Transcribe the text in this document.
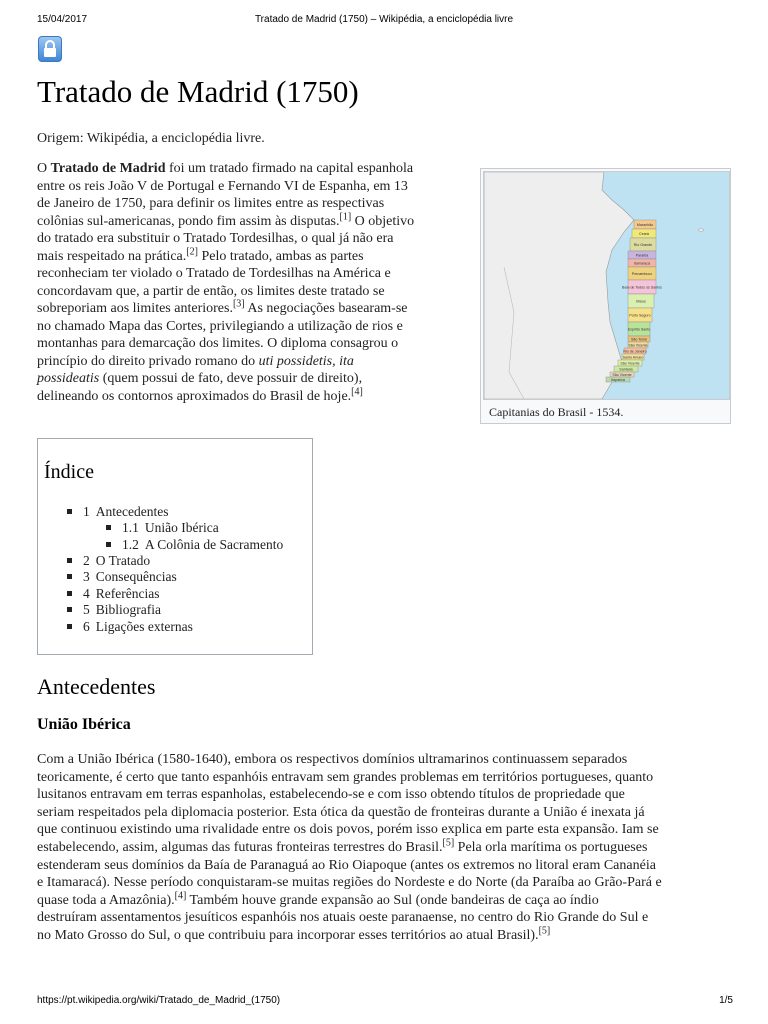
15/04/2017	Tratado de Madrid (1750) – Wikipédia, a enciclopédia livre
Tratado de Madrid (1750)
Origem: Wikipédia, a enciclopédia livre.
O Tratado de Madrid foi um tratado firmado na capital espanhola
entre os reis João V de Portugal e Fernando VI de Espanha, em 13
de Janeiro de 1750, para definir os limites entre as respectivas
colônias sul-americanas, pondo fim assim às disputas.[1] O objetivo
do tratado era substituir o Tratado Tordesilhas, o qual já não era
mais respeitado na prática.[2] Pelo tratado, ambas as partes
reconheciam ter violado o Tratado de Tordesilhas na América e
concordavam que, a partir de então, os limites deste tratado se
sobreporiam aos limites anteriores.[3] As negociações basearam-se
no chamado Mapa das Cortes, privilegiando a utilização de rios e
montanhas para demarcação dos limites. O diploma consagrou o
princípio do direito privado romano do uti possidetis, ita
possideatis (quem possui de fato, deve possuir de direito),
delineando os contornos aproximados do Brasil de hoje.[4]
Maranhão
Ceará
Rio Grande
Paraíba
Itamaracá
Pernambuco
Baía de Todos os Santos
Ilhéus
Porto Seguro
Espírito Santo
São Tomé
São Vicente
Rio de Janeiro
Santo Amaro
São Vicente
Santana
São Vicente
Itaparica
Capitanias do Brasil - 1534.
Índice
1 Antecedentes
1.1 União Ibérica
1.2 A Colônia de Sacramento
2 O Tratado
3 Consequências
4 Referências
5 Bibliografia
6 Ligações externas
Antecedentes
União Ibérica
Com a União Ibérica (1580-1640), embora os respectivos domínios ultramarinos continuassem separados
teoricamente, é certo que tanto espanhóis entravam sem grandes problemas em territórios portugueses, quanto
lusitanos entravam em terras espanholas, estabelecendo-se e com isso obtendo títulos de propriedade que
seriam respeitados pela diplomacia posterior. Esta ótica da questão de fronteiras durante a União é inexata já
que continuou existindo uma rivalidade entre os dois povos, porém isso explica em parte esta expansão. Iam se
estabelecendo, assim, algumas das futuras fronteiras terrestres do Brasil.[5] Pela orla marítima os portugueses
estenderam seus domínios da Baía de Paranaguá ao Rio Oiapoque (antes os extremos no litoral eram Cananéia
e Itamaracá). Nesse período conquistaram-se muitas regiões do Nordeste e do Norte (da Paraíba ao Grão-Pará e
quase toda a Amazônia).[4] Também houve grande expansão ao Sul (onde bandeiras de caça ao índio
destruíram assentamentos jesuíticos espanhóis nos atuais oeste paranaense, no centro do Rio Grande do Sul e
no Mato Grosso do Sul, o que contribuiu para incorporar esses territórios ao atual Brasil).[5]
https://pt.wikipedia.org/wiki/Tratado_de_Madrid_(1750)	1/5
